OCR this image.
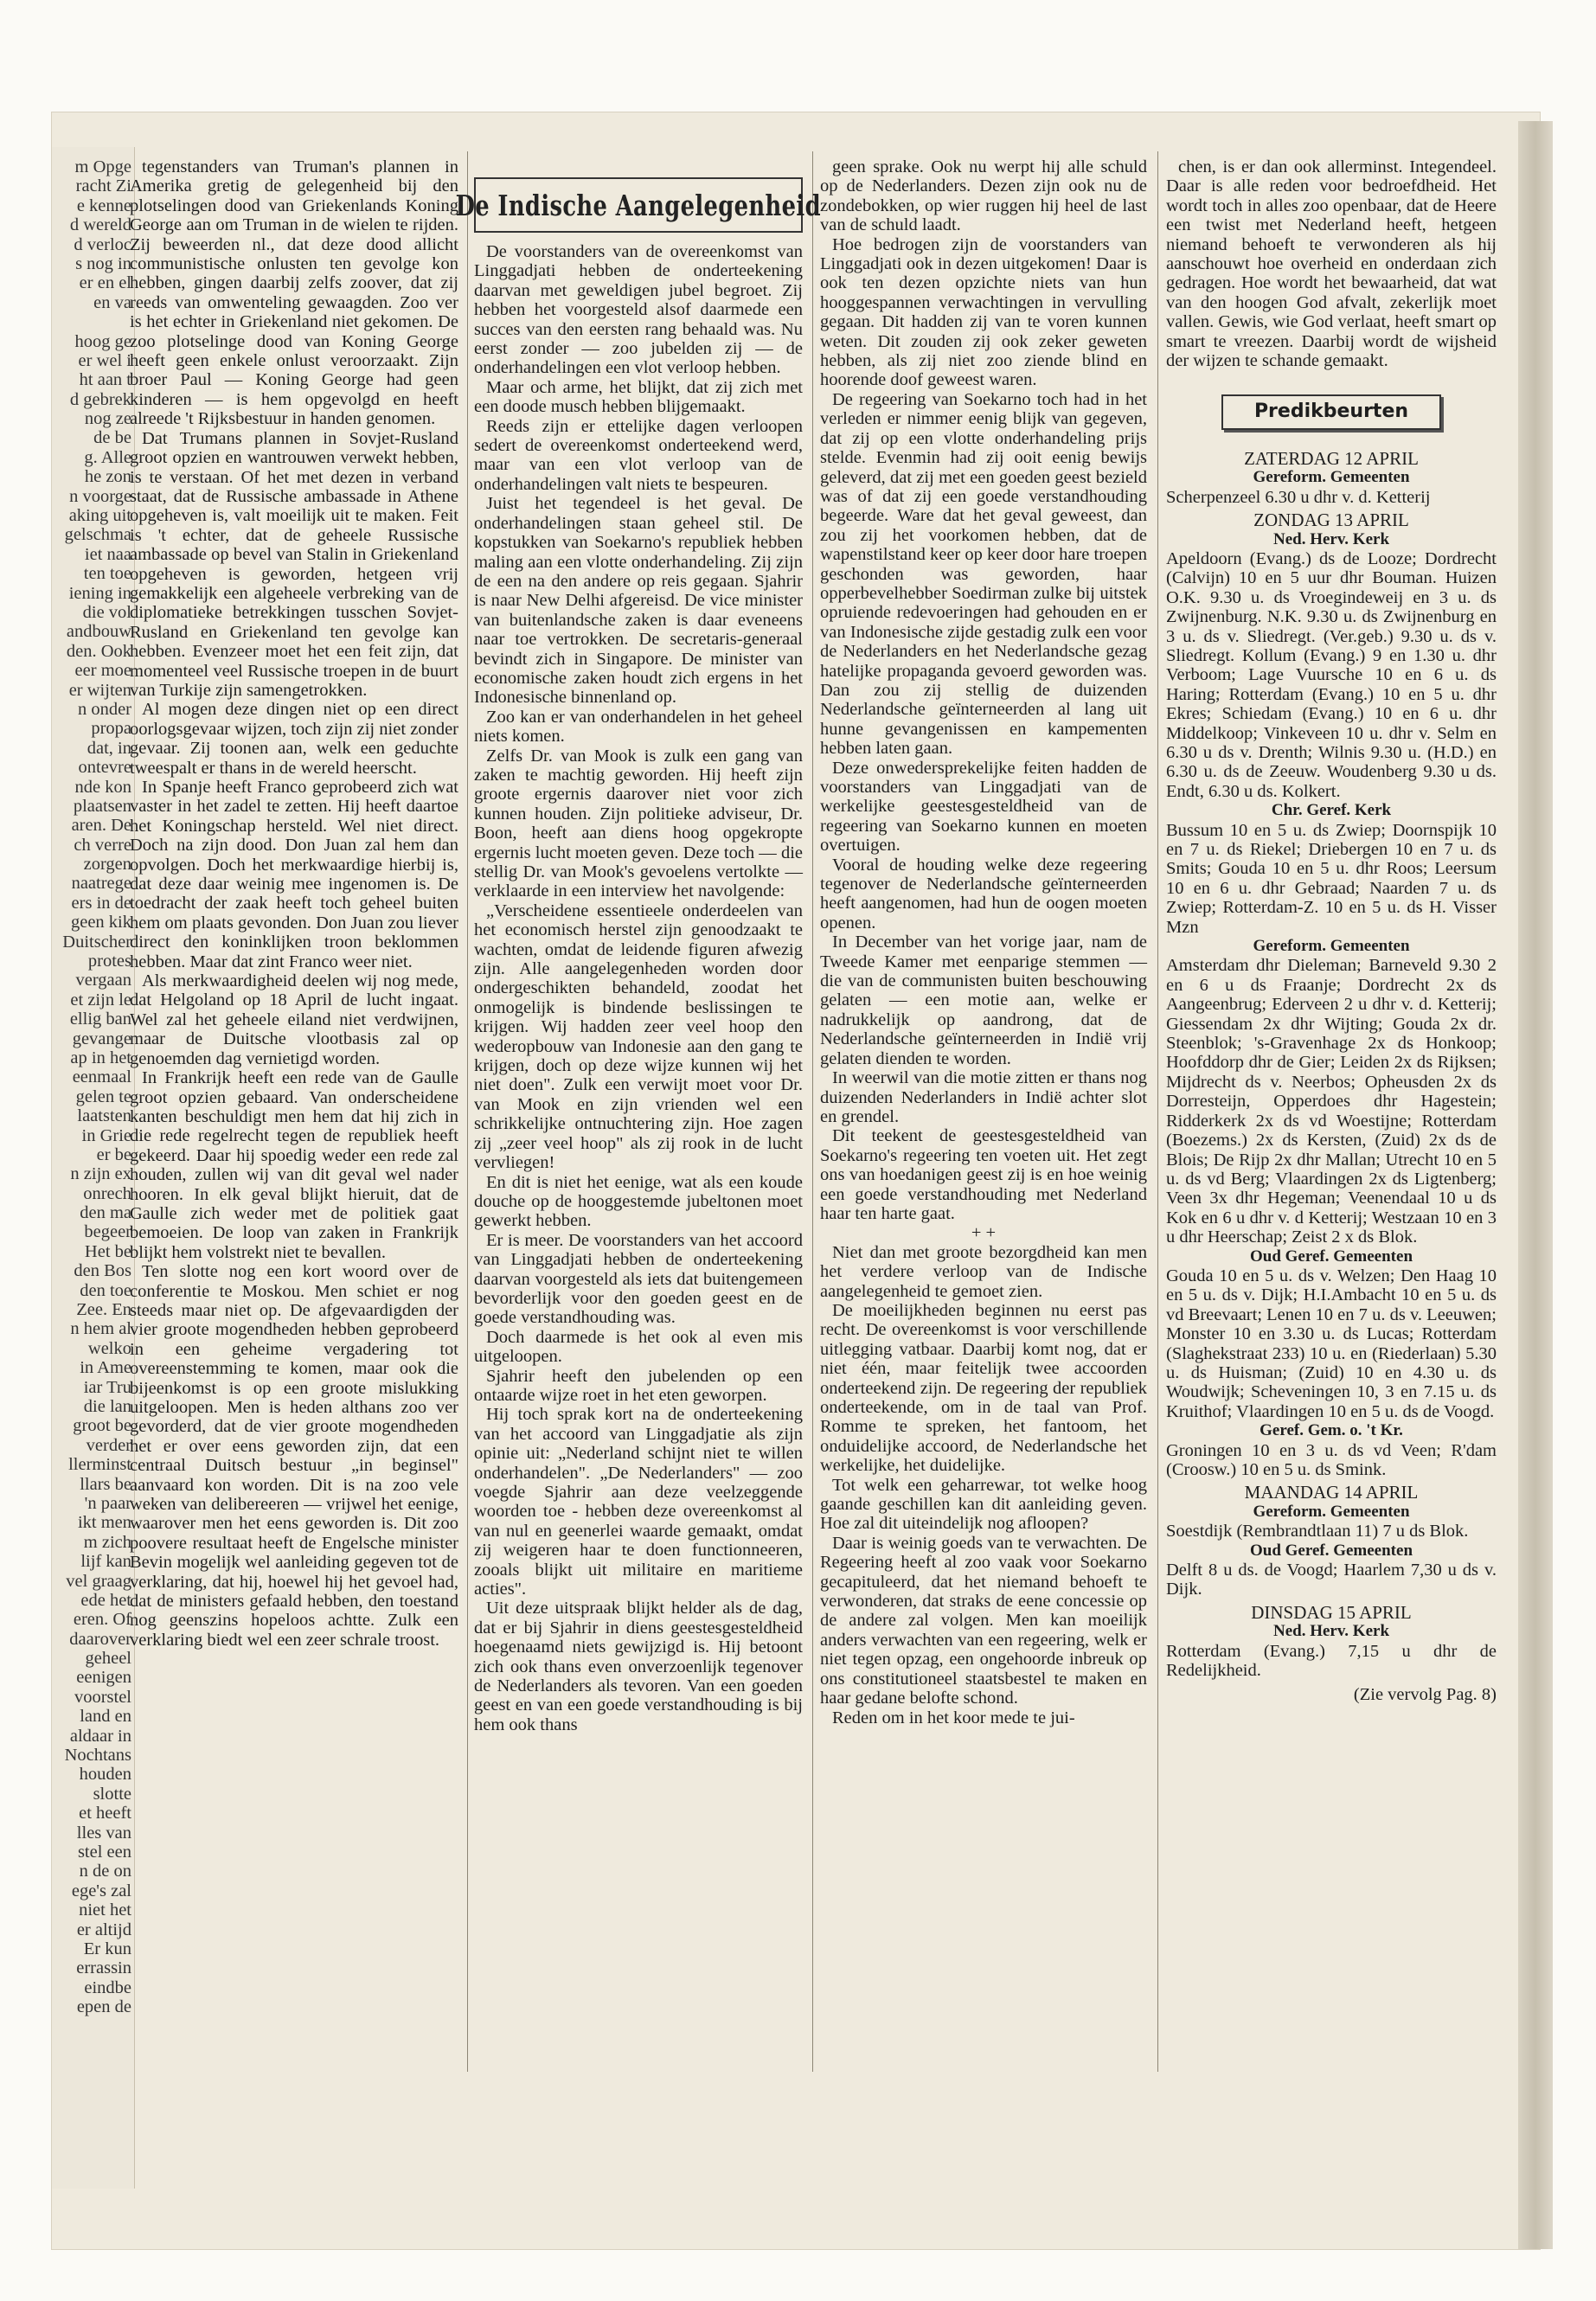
m Opge
racht Zi
e kenne
d wereld
d verloc
s nog in
er en el
en va
hoog ge
er wel i
ht aan t
d gebrek
nog ze
de be
g. Alle
he zon
n voorge
aking uit
gelschma
iet naa
ten toe
iening in
die vol
andbouw
den. Ook
eer moe
er wijten
n onder
propa
dat, in
ontevre
nde kon
plaatsen
aren. De
ch verre
zorgen
naatrege
ers in de
geen kik
Duitscher
protes
vergaan
et zijn le
ellig ban
gevange
ap in het
eenmaal
gelen te
laatsten
in Grie
er be
n zijn ex
onrech
den ma
begeer
Het be
den Bos
den toe
Zee. En
n hem al
welko
in Ame
iar Tru
die lan
groot be
verder
llerminst
llars be
'n paar
ikt men
m zich
lijf kan
vel graag
ede het
eren. Of
daarover
geheel
eenigen
voorstel
land en
aldaar in
Nochtans
houden
slotte
et heeft
lles van
stel een
n de on
ege's zal
niet het
er altijd
Er kun
errassin
eindbe
epen de

tegenstanders van Truman's plannen in Amerika gretig de gelegenheid bij den plotselingen dood van Griekenlands Koning George aan om Truman in de wielen te rijden. Zij beweerden nl., dat deze dood allicht communistische onlusten ten gevolge kon hebben, gingen daarbij zelfs zoover, dat zij reeds van omwenteling gewaagden. Zoo ver is het echter in Griekenland niet gekomen. De zoo plotselinge dood van Koning George heeft geen enkele onlust veroorzaakt. Zijn broer Paul — Koning George had geen kinderen — is hem opgevolgd en heeft alreede 't Rijksbestuur in handen genomen.

Dat Trumans plannen in Sovjet-Rusland groot opzien en wantrouwen verwekt hebben, is te verstaan. Of het met dezen in verband staat, dat de Russische ambassade in Athene opgeheven is, valt moeilijk uit te maken. Feit is 't echter, dat de geheele Russische ambassade op bevel van Stalin in Griekenland opgeheven is geworden, hetgeen vrij gemakkelijk een algeheele verbreking van de diplomatieke betrekkingen tusschen Sovjet-Rusland en Griekenland ten gevolge kan hebben. Evenzeer moet het een feit zijn, dat momenteel veel Russische troepen in de buurt van Turkije zijn samengetrokken.

Al mogen deze dingen niet op een direct oorlogsgevaar wijzen, toch zijn zij niet zonder gevaar. Zij toonen aan, welk een geduchte tweespalt er thans in de wereld heerscht.

In Spanje heeft Franco geprobeerd zich wat vaster in het zadel te zetten. Hij heeft daartoe het Koningschap hersteld. Wel niet direct. Doch na zijn dood. Don Juan zal hem dan opvolgen. Doch het merkwaardige hierbij is, dat deze daar weinig mee ingenomen is. De toedracht der zaak heeft toch geheel buiten hem om plaats gevonden. Don Juan zou liever direct den koninklijken troon beklommen hebben. Maar dat zint Franco weer niet.

Als merkwaardigheid deelen wij nog mede, dat Helgoland op 18 April de lucht ingaat. Wel zal het geheele eiland niet verdwijnen, maar de Duitsche vlootbasis zal op genoemden dag vernietigd worden.

In Frankrijk heeft een rede van de Gaulle groot opzien gebaard. Van onderscheidene kanten beschuldigt men hem dat hij zich in die rede regelrecht tegen de republiek heeft gekeerd. Daar hij spoedig weder een rede zal houden, zullen wij van dit geval wel nader hooren. In elk geval blijkt hieruit, dat de Gaulle zich weder met de politiek gaat bemoeien. De loop van zaken in Frankrijk blijkt hem volstrekt niet te bevallen.

Ten slotte nog een kort woord over de conferentie te Moskou. Men schiet er nog steeds maar niet op. De afgevaardigden der vier groote mogendheden hebben geprobeerd in een geheime vergadering tot overeenstemming te komen, maar ook die bijeenkomst is op een groote mislukking uitgeloopen. Men is heden althans zoo ver gevorderd, dat de vier groote mogendheden het er over eens geworden zijn, dat een centraal Duitsch bestuur „in beginsel" aanvaard kon worden. Dit is na zoo vele weken van delibereeren — vrijwel het eenige, waarover men het eens geworden is. Dit zoo poovere resultaat heeft de Engelsche minister Bevin mogelijk wel aanleiding gegeven tot de verklaring, dat hij, hoewel hij het gevoel had, dat de ministers gefaald hebben, den toestand nog geenszins hopeloos achtte. Zulk een verklaring biedt wel een zeer schrale troost.

De Indische Aangelegenheid

De voorstanders van de overeenkomst van Linggadjati hebben de onderteekening daarvan met geweldigen jubel begroet. Zij hebben het voorgesteld alsof daarmede een succes van den eersten rang behaald was. Nu eerst zonder — zoo jubelden zij — de onderhandelingen een vlot verloop hebben.

Maar och arme, het blijkt, dat zij zich met een doode musch hebben blijgemaakt.

Reeds zijn er ettelijke dagen verloopen sedert de overeenkomst onderteekend werd, maar van een vlot verloop van de onderhandelingen valt niets te bespeuren.

Juist het tegendeel is het geval. De onderhandelingen staan geheel stil. De kopstukken van Soekarno's republiek hebben maling aan een vlotte onderhandeling. Zij zijn de een na den andere op reis gegaan. Sjahrir is naar New Delhi afgereisd. De vice minister van buitenlandsche zaken is daar eveneens naar toe vertrokken. De secretaris-generaal bevindt zich in Singapore. De minister van economische zaken houdt zich ergens in het Indonesische binnenland op.

Zoo kan er van onderhandelen in het geheel niets komen.

Zelfs Dr. van Mook is zulk een gang van zaken te machtig geworden. Hij heeft zijn groote ergernis daarover niet voor zich kunnen houden. Zijn politieke adviseur, Dr. Boon, heeft aan diens hoog opgekropte ergernis lucht moeten geven. Deze toch — die stellig Dr. van Mook's gevoelens vertolkte — verklaarde in een interview het navolgende:

„Verscheidene essentieele onderdeelen van het economisch herstel zijn genoodzaakt te wachten, omdat de leidende figuren afwezig zijn. Alle aangelegenheden worden door ondergeschikten behandeld, zoodat het onmogelijk is bindende beslissingen te krijgen. Wij hadden zeer veel hoop den wederopbouw van Indonesie aan den gang te krijgen, doch op deze wijze kunnen wij het niet doen". Zulk een verwijt moet voor Dr. van Mook en zijn vrienden wel een schrikkelijke ontnuchtering zijn. Hoe zagen zij „zeer veel hoop" als zij rook in de lucht vervliegen!

En dit is niet het eenige, wat als een koude douche op de hooggestemde jubeltonen moet gewerkt hebben.

Er is meer. De voorstanders van het accoord van Linggadjati hebben de onderteekening daarvan voorgesteld als iets dat buitengemeen bevorderlijk voor den goeden geest en de goede verstandhouding was.

Doch daarmede is het ook al even mis uitgeloopen.

Sjahrir heeft den jubelenden op een ontaarde wijze roet in het eten geworpen.

Hij toch sprak kort na de onderteekening van het accoord van Linggadjatie als zijn opinie uit: „Nederland schijnt niet te willen onderhandelen". „De Nederlanders" — zoo voegde Sjahrir aan deze veelzeggende woorden toe - hebben deze overeenkomst al van nul en geenerlei waarde gemaakt, omdat zij weigeren haar te doen functionneeren, zooals blijkt uit militaire en maritieme acties".

Uit deze uitspraak blijkt helder als de dag, dat er bij Sjahrir in diens geestesgesteldheid hoegenaamd niets gewijzigd is. Hij betoont zich ook thans even onverzoenlijk tegenover de Nederlanders als tevoren. Van een goeden geest en van een goede verstandhouding is bij hem ook thans

geen sprake. Ook nu werpt hij alle schuld op de Nederlanders. Dezen zijn ook nu de zondebokken, op wier ruggen hij heel de last van de schuld laadt.

Hoe bedrogen zijn de voorstanders van Linggadjati ook in dezen uitgekomen! Daar is ook ten dezen opzichte niets van hun hooggespannen verwachtingen in vervulling gegaan. Dit hadden zij van te voren kunnen weten. Dit zouden zij ook zeker geweten hebben, als zij niet zoo ziende blind en hoorende doof geweest waren.

De regeering van Soekarno toch had in het verleden er nimmer eenig blijk van gegeven, dat zij op een vlotte onderhandeling prijs stelde. Evenmin had zij ooit eenig bewijs geleverd, dat zij met een goeden geest bezield was of dat zij een goede verstandhouding begeerde. Ware dat het geval geweest, dan zou zij het voorkomen hebben, dat de wapenstilstand keer op keer door hare troepen geschonden was geworden, haar opperbevelhebber Soedirman zulke bij uitstek opruiende redevoeringen had gehouden en er van Indonesische zijde gestadig zulk een voor de Nederlanders en het Nederlandsche gezag hatelijke propaganda gevoerd geworden was. Dan zou zij stellig de duizenden Nederlandsche geïnterneerden al lang uit hunne gevangenissen en kampementen hebben laten gaan.

Deze onwedersprekelijke feiten hadden de voorstanders van Linggadjati van de werkelijke geestesgesteldheid van de regeering van Soekarno kunnen en moeten overtuigen.

Vooral de houding welke deze regeering tegenover de Nederlandsche geïnterneerden heeft aangenomen, had hun de oogen moeten openen.

In December van het vorige jaar, nam de Tweede Kamer met eenparige stemmen — die van de communisten buiten beschouwing gelaten — een motie aan, welke er nadrukkelijk op aandrong, dat de Nederlandsche geïnterneerden in Indië vrij gelaten dienden te worden.

In weerwil van die motie zitten er thans nog duizenden Nederlanders in Indië achter slot en grendel.

Dit teekent de geestesgesteldheid van Soekarno's regeering ten voeten uit. Het zegt ons van hoedanigen geest zij is en hoe weinig een goede verstandhouding met Nederland haar ten harte gaat.

+ +

Niet dan met groote bezorgdheid kan men het verdere verloop van de Indische aangelegenheid te gemoet zien.

De moeilijkheden beginnen nu eerst pas recht. De overeenkomst is voor verschillende uitlegging vatbaar. Daarbij komt nog, dat er niet één, maar feitelijk twee accoorden onderteekend zijn. De regeering der republiek onderteekende, om in de taal van Prof. Romme te spreken, het fantoom, het onduidelijke accoord, de Nederlandsche het werkelijke, het duidelijke.

Tot welk een geharrewar, tot welke hoog gaande geschillen kan dit aanleiding geven. Hoe zal dit uiteindelijk nog afloopen?

Daar is weinig goeds van te verwachten. De Regeering heeft al zoo vaak voor Soekarno gecapituleerd, dat het niemand behoeft te verwonderen, dat straks de eene concessie op de andere zal volgen. Men kan moeilijk anders verwachten van een regeering, welk er niet tegen opzag, een ongehoorde inbreuk op ons constitutioneel staatsbestel te maken en haar gedane belofte schond.

Reden om in het koor mede te jui-

chen, is er dan ook allerminst. Integendeel. Daar is alle reden voor bedroefdheid. Het wordt toch in alles zoo openbaar, dat de Heere een twist met Nederland heeft, hetgeen niemand behoeft te verwonderen als hij aanschouwt hoe overheid en onderdaan zich gedragen. Hoe wordt het bewaarheid, dat wat van den hoogen God afvalt, zekerlijk moet vallen. Gewis, wie God verlaat, heeft smart op smart te vreezen. Daarbij wordt de wijsheid der wijzen te schande gemaakt.

Predikbeurten
ZATERDAG 12 APRIL
Gereform. Gemeenten

Scherpenzeel 6.30 u dhr v. d. Ketterij

ZONDAG 13 APRIL
Ned. Herv. Kerk

Apeldoorn (Evang.) ds de Looze; Dordrecht (Calvijn) 10 en 5 uur dhr Bouman. Huizen O.K. 9.30 u. ds Vroegindeweij en 3 u. ds Zwijnenburg. N.K. 9.30 u. ds Zwijnenburg en 3 u. ds v. Sliedregt. (Ver.geb.) 9.30 u. ds v. Sliedregt. Kollum (Evang.) 9 en 1.30 u. dhr Verboom; Lage Vuursche 10 en 6 u. ds Haring; Rotterdam (Evang.) 10 en 5 u. dhr Ekres; Schiedam (Evang.) 10 en 6 u. dhr Middelkoop; Vinkeveen 10 u. dhr v. Selm en 6.30 u ds v. Drenth; Wilnis 9.30 u. (H.D.) en 6.30 u. ds de Zeeuw. Woudenberg 9.30 u ds. Endt, 6.30 u ds. Kolkert.

Chr. Geref. Kerk

Bussum 10 en 5 u. ds Zwiep; Doornspijk 10 en 7 u. ds Riekel; Driebergen 10 en 7 u. ds Smits; Gouda 10 en 5 u. dhr Roos; Leersum 10 en 6 u. dhr Gebraad; Naarden 7 u. ds Zwiep; Rotterdam-Z. 10 en 5 u. ds H. Visser Mzn

Gereform. Gemeenten

Amsterdam dhr Dieleman; Barneveld 9.30 2 en 6 u ds Fraanje; Dordrecht 2x ds Aangeenbrug; Ederveen 2 u dhr v. d. Ketterij; Giessendam 2x dhr Wijting; Gouda 2x dr. Steenblok; 's-Gravenhage 2x ds Honkoop; Hoofddorp dhr de Gier; Leiden 2x ds Rijksen; Mijdrecht ds v. Neerbos; Opheusden 2x ds Dorresteijn, Opperdoes dhr Hagestein; Ridderkerk 2x ds vd Woestijne; Rotterdam (Boezems.) 2x ds Kersten, (Zuid) 2x ds de Blois; De Rijp 2x dhr Mallan; Utrecht 10 en 5 u. ds vd Berg; Vlaardingen 2x ds Ligtenberg; Veen 3x dhr Hegeman; Veenendaal 10 u ds Kok en 6 u dhr v. d Ketterij; Westzaan 10 en 3 u dhr Heerschap; Zeist 2 x ds Blok.

Oud Geref. Gemeenten

Gouda 10 en 5 u. ds v. Welzen; Den Haag 10 en 5 u. ds v. Dijk; H.I.Ambacht 10 en 5 u. ds vd Breevaart; Lenen 10 en 7 u. ds v. Leeuwen; Monster 10 en 3.30 u. ds Lucas; Rotterdam (Slaghekstraat 233) 10 u. en (Riederlaan) 5.30 u. ds Huisman; (Zuid) 10 en 4.30 u. ds Woudwijk; Scheveningen 10, 3 en 7.15 u. ds Kruithof; Vlaardingen 10 en 5 u. ds de Voogd.

Geref. Gem. o. 't Kr.

Groningen 10 en 3 u. ds vd Veen; R'dam (Croosw.) 10 en 5 u. ds Smink.

MAANDAG 14 APRIL
Gereform. Gemeenten

Soestdijk (Rembrandtlaan 11) 7 u ds Blok.

Oud Geref. Gemeenten

Delft 8 u ds. de Voogd; Haarlem 7,30 u ds v. Dijk.

DINSDAG 15 APRIL
Ned. Herv. Kerk

Rotterdam (Evang.) 7,15 u dhr de Redelijkheid.

(Zie vervolg Pag. 8)
